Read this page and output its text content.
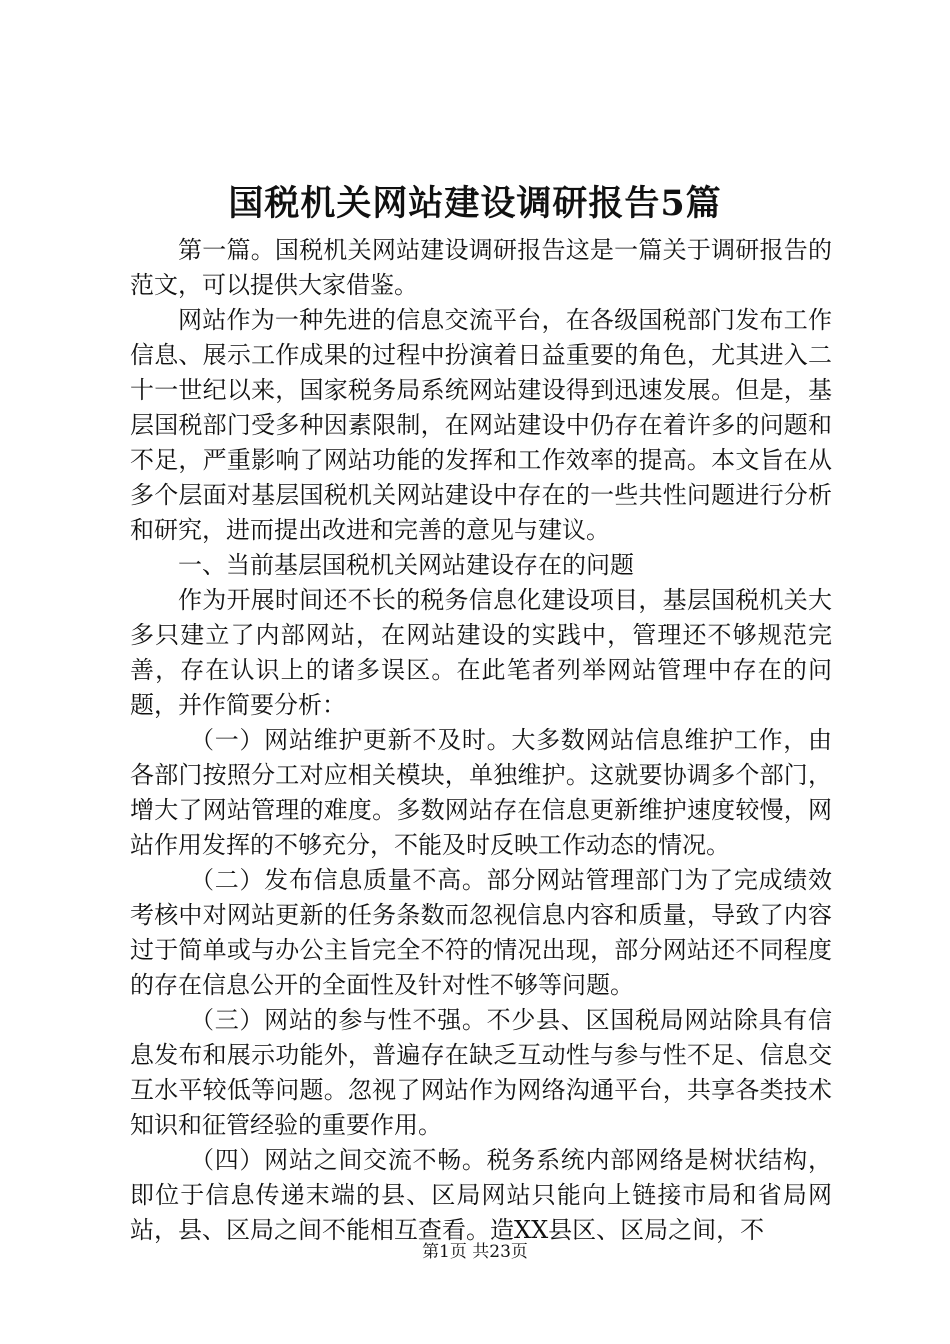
国税机关网站建设调研报告5篇

第一篇。国税机关网站建设调研报告这是一篇关于调研报告的范文，可以提供大家借鉴。

网站作为一种先进的信息交流平台，在各级国税部门发布工作信息、展示工作成果的过程中扮演着日益重要的角色，尤其进入二十一世纪以来，国家税务局系统网站建设得到迅速发展。但是，基层国税部门受多种因素限制，在网站建设中仍存在着许多的问题和不足，严重影响了网站功能的发挥和工作效率的提高。本文旨在从多个层面对基层国税机关网站建设中存在的一些共性问题进行分析和研究，进而提出改进和完善的意见与建议。

一、当前基层国税机关网站建设存在的问题

作为开展时间还不长的税务信息化建设项目，基层国税机关大多只建立了内部网站，在网站建设的实践中，管理还不够规范完善，存在认识上的诸多误区。在此笔者列举网站管理中存在的问题，并作简要分析：

（一）网站维护更新不及时。大多数网站信息维护工作，由各部门按照分工对应相关模块，单独维护。这就要协调多个部门，增大了网站管理的难度。多数网站存在信息更新维护速度较慢，网站作用发挥的不够充分，不能及时反映工作动态的情况。

（二）发布信息质量不高。部分网站管理部门为了完成绩效考核中对网站更新的任务条数而忽视信息内容和质量，导致了内容过于简单或与办公主旨完全不符的情况出现，部分网站还不同程度的存在信息公开的全面性及针对性不够等问题。

（三）网站的参与性不强。不少县、区国税局网站除具有信息发布和展示功能外，普遍存在缺乏互动性与参与性不足、信息交互水平较低等问题。忽视了网站作为网络沟通平台，共享各类技术知识和征管经验的重要作用。

（四）网站之间交流不畅。税务系统内部网络是树状结构，即位于信息传递末端的县、区局网站只能向上链接市局和省局网站，县、区局之间不能相互查看。造XX县区、区局之间，不

第1页 共23页
